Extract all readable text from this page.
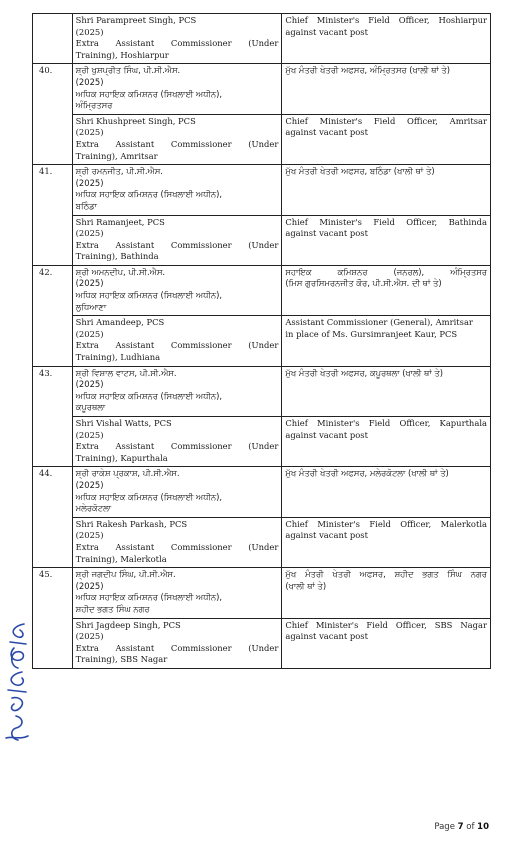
	Shri Parampreet Singh, PCS
(2025)
Extra Assistant Commissioner (Under
Training), Hoshiarpur	Chief Minister's Field Officer, Hoshiarpur
against vacant post

40.	ਸ਼੍ਰੀ ਖੁਸ਼ਪ੍ਰੀਤ ਸਿੰਘ, ਪੀ.ਸੀ.ਐਸ.
(2025)
ਅਧਿਕ ਸਹਾਇਕ ਕਮਿਸ਼ਨਰ (ਸਿਖਲਾਈ ਅਧੀਨ),
ਅੰਮ੍ਰਿਤਸਰ	ਮੁੱਖ ਮੰਤਰੀ ਖੇਤਰੀ ਅਫਸਰ, ਅੰਮ੍ਰਿਤਸਰ (ਖਾਲੀ ਥਾਂ ਤੇ)

	Shri Khushpreet Singh, PCS
(2025)
Extra Assistant Commissioner (Under
Training), Amritsar	Chief Minister's Field Officer, Amritsar
against vacant post

41.	ਸ਼੍ਰੀ ਰਮਨਜੀਤ, ਪੀ.ਸੀ.ਐਸ.
(2025)
ਅਧਿਕ ਸਹਾਇਕ ਕਮਿਸ਼ਨਰ (ਸਿਖਲਾਈ ਅਧੀਨ),
ਬਠਿੰਡਾ	ਮੁੱਖ ਮੰਤਰੀ ਖੇਤਰੀ ਅਫਸਰ, ਬਠਿੰਡਾ (ਖਾਲੀ ਥਾਂ ਤੇ)

	Shri Ramanjeet, PCS
(2025)
Extra Assistant Commissioner (Under
Training), Bathinda	Chief Minister's Field Officer, Bathinda
against vacant post

42.	ਸ਼੍ਰੀ ਅਮਨਦੀਪ, ਪੀ.ਸੀ.ਐਸ.
(2025)
ਅਧਿਕ ਸਹਾਇਕ ਕਮਿਸ਼ਨਰ (ਸਿਖਲਾਈ ਅਧੀਨ),
ਲੁਧਿਆਣਾ	ਸਹਾਇਕ ਕਮਿਸ਼ਨਰ (ਜਨਰਲ), ਅੰਮ੍ਰਿਤਸਰ
(ਮਿਸ ਗੁਰਸਿਮਰਨਜੀਤ ਕੌਰ, ਪੀ.ਸੀ.ਐਸ. ਦੀ ਥਾਂ ਤੇ)

	Shri Amandeep, PCS
(2025)
Extra Assistant Commissioner (Under
Training), Ludhiana	Assistant Commissioner (General), Amritsar
in place of Ms. Gursimranjeet Kaur, PCS

43.	ਸ਼੍ਰੀ ਵਿਸ਼ਾਲ ਵਾਟਸ, ਪੀ.ਸੀ.ਐਸ.
(2025)
ਅਧਿਕ ਸਹਾਇਕ ਕਮਿਸ਼ਨਰ (ਸਿਖਲਾਈ ਅਧੀਨ),
ਕਪੂਰਥਲਾ	ਮੁੱਖ ਮੰਤਰੀ ਖੇਤਰੀ ਅਫਸਰ, ਕਪੂਰਥਲਾ (ਖਾਲੀ ਥਾਂ ਤੇ)

	Shri Vishal Watts, PCS
(2025)
Extra Assistant Commissioner (Under
Training), Kapurthala	Chief Minister's Field Officer, Kapurthala
against vacant post

44.	ਸ਼੍ਰੀ ਰਾਕੇਸ਼ ਪ੍ਰਕਾਸ਼, ਪੀ.ਸੀ.ਐਸ.
(2025)
ਅਧਿਕ ਸਹਾਇਕ ਕਮਿਸ਼ਨਰ (ਸਿਖਲਾਈ ਅਧੀਨ),
ਮਲੇਰਕੋਟਲਾ	ਮੁੱਖ ਮੰਤਰੀ ਖੇਤਰੀ ਅਫਸਰ, ਮਲੇਰਕੋਟਲਾ (ਖਾਲੀ ਥਾਂ ਤੇ)

	Shri Rakesh Parkash, PCS
(2025)
Extra Assistant Commissioner (Under
Training), Malerkotla	Chief Minister's Field Officer, Malerkotla
against vacant post

45.	ਸ਼੍ਰੀ ਜਗਦੀਪ ਸਿੰਘ, ਪੀ.ਸੀ.ਐਸ.
(2025)
ਅਧਿਕ ਸਹਾਇਕ ਕਮਿਸ਼ਨਰ (ਸਿਖਲਾਈ ਅਧੀਨ),
ਸ਼ਹੀਦ ਭਗਤ ਸਿੰਘ ਨਗਰ	ਮੁੱਖ ਮੰਤਰੀ ਖੇਤਰੀ ਅਫਸਰ, ਸ਼ਹੀਦ ਭਗਤ ਸਿੰਘ ਨਗਰ
(ਖਾਲੀ ਥਾਂ ਤੇ)

	Shri Jagdeep Singh, PCS
(2025)
Extra Assistant Commissioner (Under
Training), SBS Nagar	Chief Minister's Field Officer, SBS Nagar
against vacant post
Page 7 of 10
